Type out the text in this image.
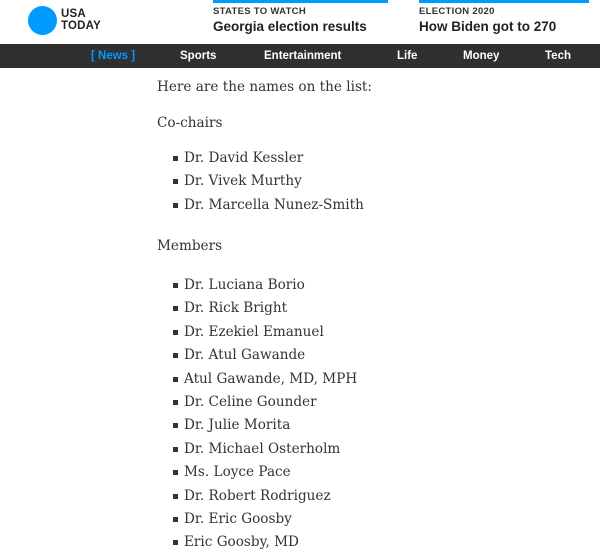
USA
TODAY
STATES TO WATCH
Georgia election results
ELECTION 2020
How Biden got to 270
[ News ]	Sports	Entertainment	Life	Money	Tech
Here are the names on the list:
Co-chairs
Dr. David Kessler
Dr. Vivek Murthy
Dr. Marcella Nunez-Smith
Members
Dr. Luciana Borio
Dr. Rick Bright
Dr. Ezekiel Emanuel
Dr. Atul Gawande
Atul Gawande, MD, MPH
Dr. Celine Gounder
Dr. Julie Morita
Dr. Michael Osterholm
Ms. Loyce Pace
Dr. Robert Rodriguez
Dr. Eric Goosby
Eric Goosby, MD
